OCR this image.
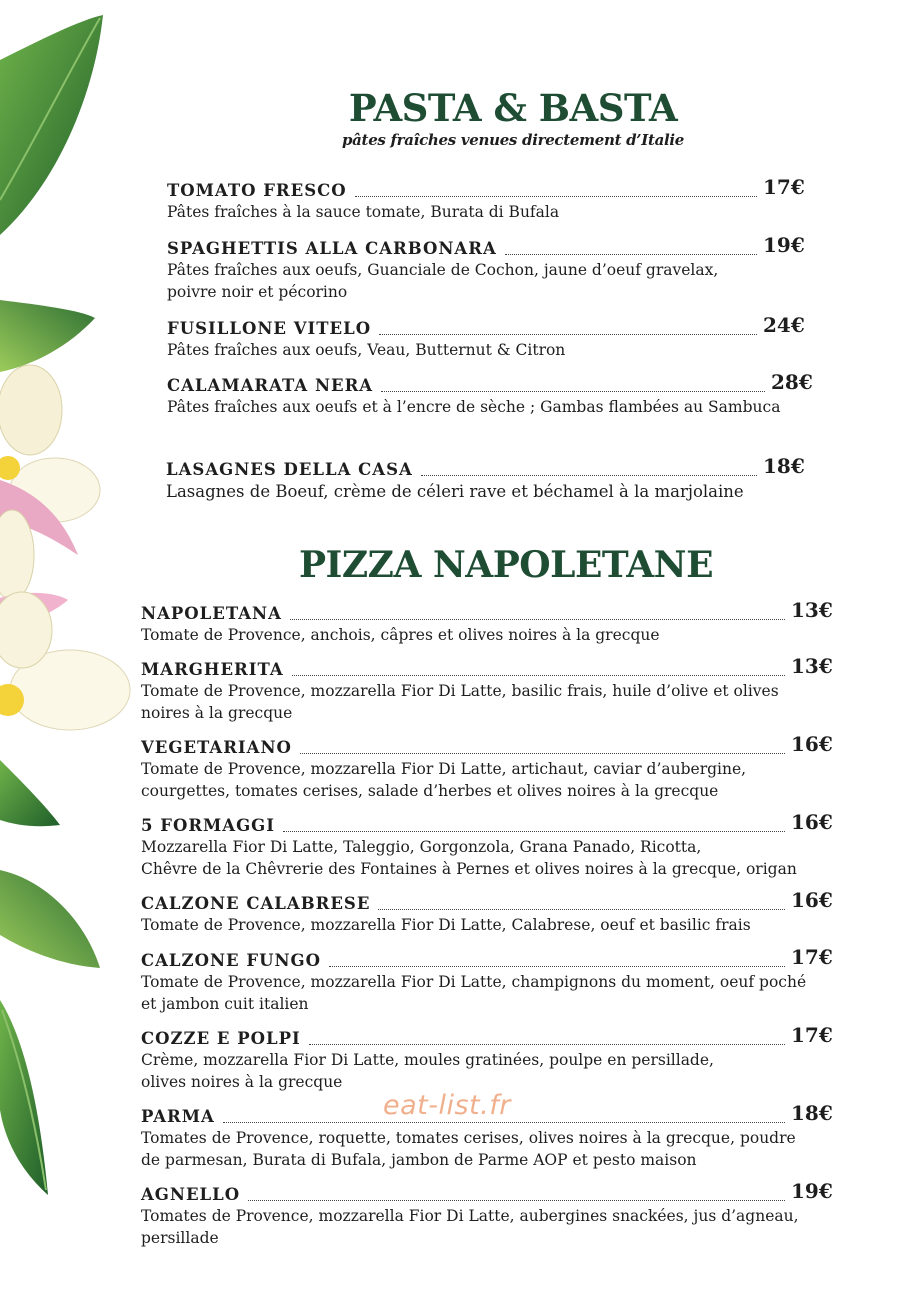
PASTA & BASTA
pâtes fraîches venues directement d’Italie
TOMATO FRESCO	17€
Pâtes fraîches à la sauce tomate, Burata di Bufala
SPAGHETTIS ALLA CARBONARA	19€
Pâtes fraîches aux oeufs, Guanciale de Cochon, jaune d’oeuf gravelax,
poivre noir et pécorino
FUSILLONE VITELO	24€
Pâtes fraîches aux oeufs, Veau, Butternut & Citron
CALAMARATA NERA	28€
Pâtes fraîches aux oeufs et à l’encre de sèche ; Gambas flambées au Sambuca
LASAGNES DELLA CASA	18€
Lasagnes de Boeuf, crème de céleri rave et béchamel à la marjolaine
PIZZA NAPOLETANE
NAPOLETANA	13€
Tomate de Provence, anchois, câpres et olives noires à la grecque
MARGHERITA	13€
Tomate de Provence, mozzarella Fior Di Latte, basilic frais, huile d’olive et olives
noires à la grecque
VEGETARIANO	16€
Tomate de Provence, mozzarella Fior Di Latte, artichaut, caviar d’aubergine,
courgettes, tomates cerises, salade d’herbes et olives noires à la grecque
5 FORMAGGI	16€
Mozzarella Fior Di Latte, Taleggio, Gorgonzola, Grana Panado, Ricotta,
Chêvre de la Chêvrerie des Fontaines à Pernes et olives noires à la grecque, origan
CALZONE CALABRESE	16€
Tomate de Provence, mozzarella Fior Di Latte, Calabrese, oeuf et basilic frais
CALZONE FUNGO	17€
Tomate de Provence, mozzarella Fior Di Latte, champignons du moment, oeuf poché
et jambon cuit italien
COZZE E POLPI	17€
Crème, mozzarella Fior Di Latte, moules gratinées, poulpe en persillade,
olives noires à la grecque
PARMA	18€
Tomates de Provence, roquette, tomates cerises, olives noires à la grecque, poudre
de parmesan, Burata di Bufala, jambon de Parme AOP et pesto maison
AGNELLO	19€
Tomates de Provence, mozzarella Fior Di Latte, aubergines snackées, jus d’agneau,
persillade
eat-list.fr
